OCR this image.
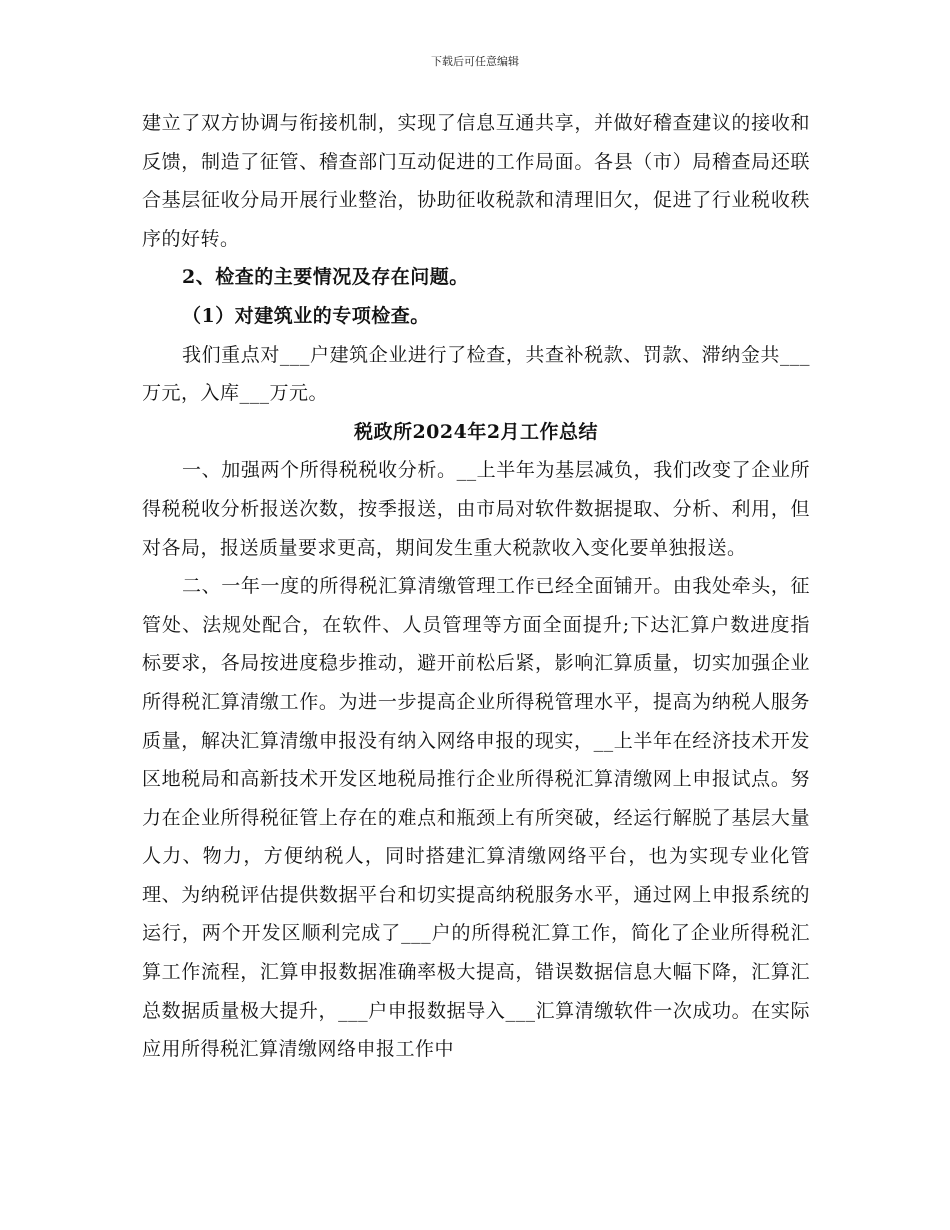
下载后可任意编辑

建立了双方协调与衔接机制，实现了信息互通共享，并做好稽查建议的接收和反馈，制造了征管、稽查部门互动促进的工作局面。各县（市）局稽查局还联合基层征收分局开展行业整治，协助征收税款和清理旧欠，促进了行业税收秩序的好转。

2、检查的主要情况及存在问题。

（1）对建筑业的专项检查。

我们重点对___户建筑企业进行了检查，共查补税款、罚款、滞纳金共___万元，入库___万元。

税政所2024年2月工作总结

一、加强两个所得税税收分析。__上半年为基层减负，我们改变了企业所得税税收分析报送次数，按季报送，由市局对软件数据提取、分析、利用，但对各局，报送质量要求更高，期间发生重大税款收入变化要单独报送。

二、一年一度的所得税汇算清缴管理工作已经全面铺开。由我处牵头，征管处、法规处配合，在软件、人员管理等方面全面提升;下达汇算户数进度指标要求，各局按进度稳步推动，避开前松后紧，影响汇算质量，切实加强企业所得税汇算清缴工作。为进一步提高企业所得税管理水平，提高为纳税人服务质量，解决汇算清缴申报没有纳入网络申报的现实，__上半年在经济技术开发区地税局和高新技术开发区地税局推行企业所得税汇算清缴网上申报试点。努力在企业所得税征管上存在的难点和瓶颈上有所突破，经运行解脱了基层大量人力、物力，方便纳税人，同时搭建汇算清缴网络平台，也为实现专业化管理、为纳税评估提供数据平台和切实提高纳税服务水平，通过网上申报系统的运行，两个开发区顺利完成了___户的所得税汇算工作，简化了企业所得税汇算工作流程，汇算申报数据准确率极大提高，错误数据信息大幅下降，汇算汇总数据质量极大提升，___户申报数据导入___汇算清缴软件一次成功。在实际应用所得税汇算清缴网络申报工作中
